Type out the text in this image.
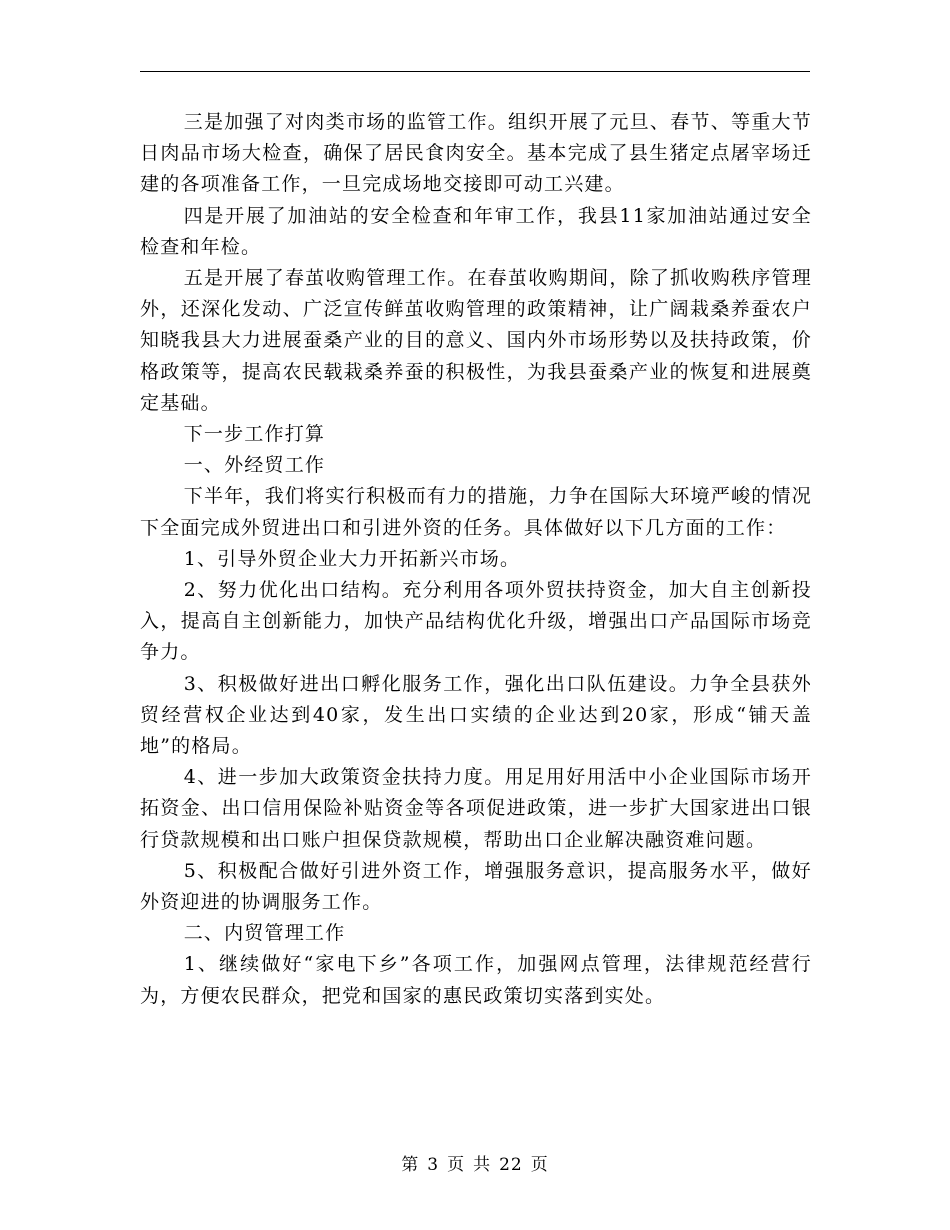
三是加强了对肉类市场的监管工作。组织开展了元旦、春节、等重大节日肉品市场大检查，确保了居民食肉安全。基本完成了县生猪定点屠宰场迁建的各项准备工作，一旦完成场地交接即可动工兴建。

四是开展了加油站的安全检查和年审工作，我县11家加油站通过安全检查和年检。

五是开展了春茧收购管理工作。在春茧收购期间，除了抓收购秩序管理外，还深化发动、广泛宣传鲜茧收购管理的政策精神，让广阔栽桑养蚕农户知晓我县大力进展蚕桑产业的目的意义、国内外市场形势以及扶持政策，价格政策等，提高农民载栽桑养蚕的积极性，为我县蚕桑产业的恢复和进展奠定基础。

下一步工作打算

一、外经贸工作

下半年，我们将实行积极而有力的措施，力争在国际大环境严峻的情况下全面完成外贸进出口和引进外资的任务。具体做好以下几方面的工作：

1、引导外贸企业大力开拓新兴市场。

2、努力优化出口结构。充分利用各项外贸扶持资金，加大自主创新投入，提高自主创新能力，加快产品结构优化升级，增强出口产品国际市场竞争力。

3、积极做好进出口孵化服务工作，强化出口队伍建设。力争全县获外贸经营权企业达到40家，发生出口实绩的企业达到20家，形成“铺天盖地”的格局。

4、进一步加大政策资金扶持力度。用足用好用活中小企业国际市场开拓资金、出口信用保险补贴资金等各项促进政策，进一步扩大国家进出口银行贷款规模和出口账户担保贷款规模，帮助出口企业解决融资难问题。

5、积极配合做好引进外资工作，增强服务意识，提高服务水平，做好外资迎进的协调服务工作。

二、内贸管理工作

1、继续做好“家电下乡”各项工作，加强网点管理，法律规范经营行为，方便农民群众，把党和国家的惠民政策切实落到实处。

第 3 页 共 22 页
